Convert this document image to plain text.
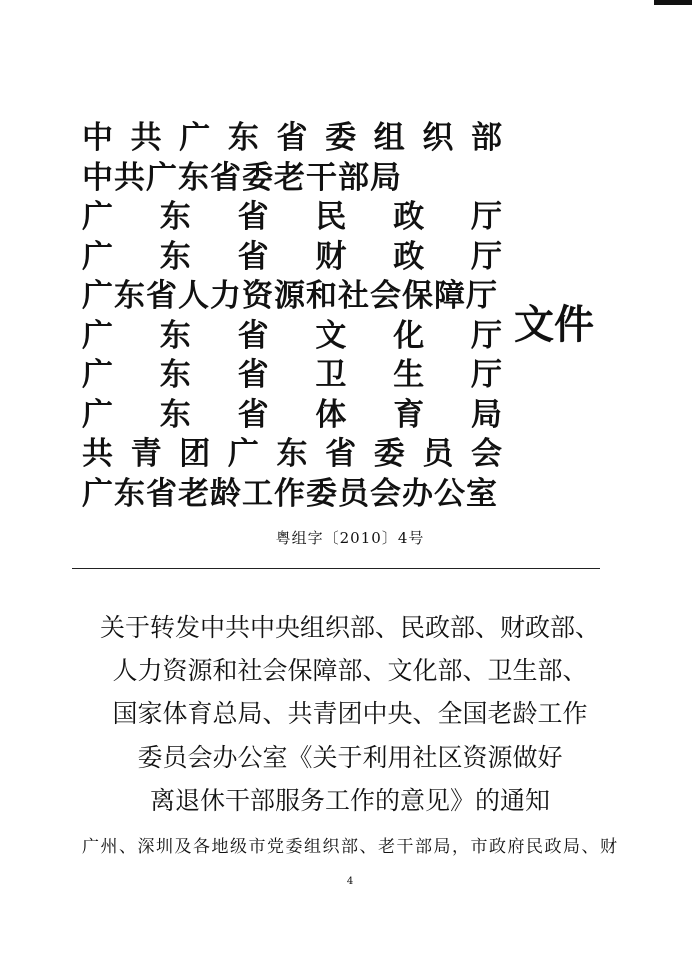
中 共 广 东 省 委 组 织 部
中共广东省委老干部局
广 东 省 民 政 厅
广 东 省 财 政 厅
广东省人力资源和社会保障厅
广 东 省 文 化 厅
广 东 省 卫 生 厅
广 东 省 体 育 局
共 青 团 广 东 省 委 员 会
广东省老龄工作委员会办公室
文件
粤组字〔2010〕4号
关于转发中共中央组织部、民政部、财政部、
人力资源和社会保障部、文化部、卫生部、
国家体育总局、共青团中央、全国老龄工作
委员会办公室《关于利用社区资源做好
离退休干部服务工作的意见》的通知
广州、深圳及各地级市党委组织部、老干部局，市政府民政局、财
4
